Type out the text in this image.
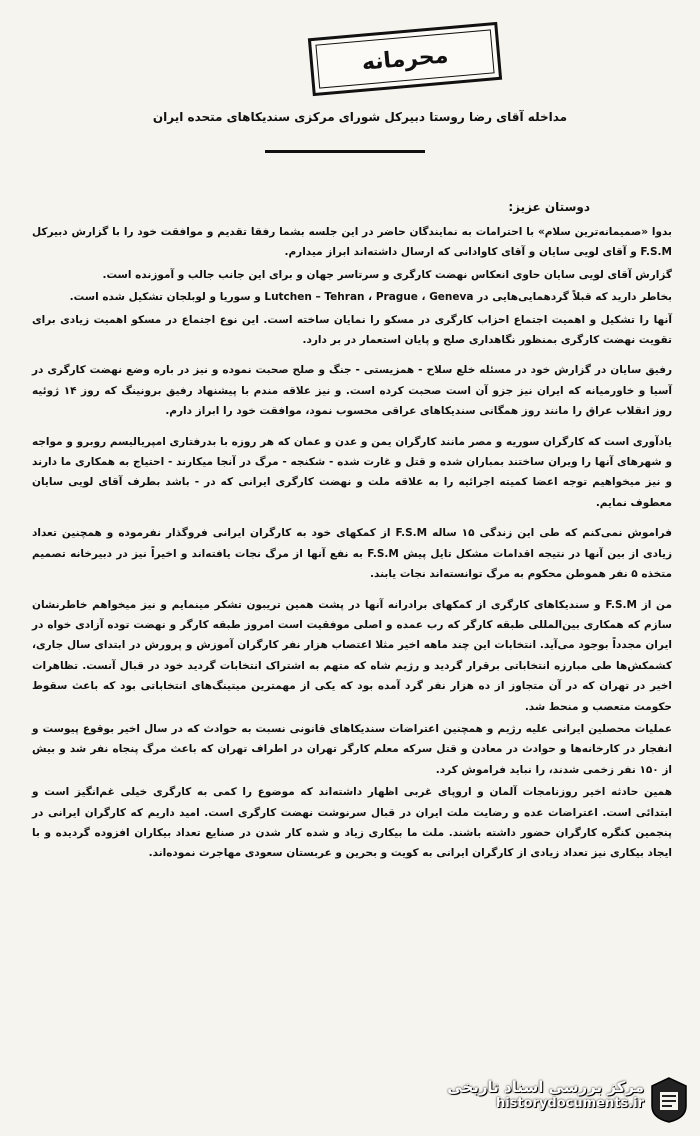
محرمانه
مداخله آقای رضا روستا دبیرکل شورای مرکزی سندیکاهای متحده ایران
دوستان عزیز:

بدوا «صمیمانه‌ترین سلام» با احترامات به نمایندگان حاضر در این جلسه بشما رفقا تقدیم و موافقت خود را با گزارش دبیرکل F.S.M و آقای لویی سایان و آقای کاوادانی که ارسال داشته‌اند ابراز میدارم.

گزارش آقای لویی سایان حاوی انعکاس نهضت کارگری و سرتاسر جهان و برای این جانب جالب و آموزنده است.

بخاطر دارید که قبلاً گردهمایی‌هایی در Lutchen – Tehran ، Prague ، Geneva و سوریا و لوبلجان تشکیل شده است.

آنها را تشکیل و اهمیت اجتماع احزاب کارگری در مسکو را نمایان ساخته است. این نوع اجتماع در مسکو اهمیت زیادی برای تقویت نهضت کارگری بمنظور نگاهداری صلح و پایان استعمار در بر دارد.

رفیق سایان در گزارش خود در مسئله خلع سلاح - همزیستی - جنگ و صلح صحبت نموده و نیز در باره وضع نهضت کارگری در آسیا و خاورمیانه که ایران نیز جزو آن است صحبت کرده است. و نیز علاقه مندم با پیشنهاد رفیق برونینگ که روز ۱۴ ژوئیه روز انقلاب عراق را مانند روز همگانی سندیکاهای عراقی محسوب نمود، موافقت خود را ابراز دارم.

یادآوری است که کارگران سوریه و مصر مانند کارگران یمن و عدن و عمان که هر روزه با بدرفتاری امپریالیسم روبرو و مواجه و شهرهای آنها را ویران ساختند بمباران شده و قتل و غارت شده - شکنجه - مرگ در آنجا میکارند - احتیاج به همکاری ما دارند و نیز میخواهیم توجه اعضا کمیته اجرائیه را به علاقه ملت و نهضت کارگری ایرانی که در - باشد بطرف آقای لویی سایان معطوف نمایم.

فراموش نمی‌کنم که طی این زندگی ۱۵ ساله F.S.M از کمکهای خود به کارگران ایرانی فروگذار نفرموده و همچنین تعداد زیادی از بین آنها در نتیجه اقدامات مشکل تایل پیش F.S.M به نفع آنها از مرگ نجات یافته‌اند و اخیراً نیز در دبیرخانه تصمیم متخذه ۵ نفر هموطن محکوم به مرگ توانسته‌اند نجات یابند.

من از F.S.M و سندیکاهای کارگری از کمکهای برادرانه آنها در پشت همین تریبون تشکر مینمایم و نیز میخواهم خاطرنشان سازم که همکاری بین‌المللی طبقه کارگر که رب عمده و اصلی موفقیت است امروز طبقه کارگر و نهضت توده آزادی خواه در ایران مجدداً بوجود می‌آید. انتخابات این چند ماهه اخیر مثلا اعتصاب هزار نفر کارگران آموزش و پرورش در ابتدای سال جاری، کشمکش‌ها طی مبارزه انتخاباتی برقرار گردید و رژیم شاه که متهم به اشتراک انتخابات گردید خود در قبال آنست. تظاهرات اخیر در تهران که در آن متجاوز از ده هزار نفر گرد آمده بود که یکی از مهمترین میتینگ‌های انتخاباتی بود که باعث سقوط حکومت متعصب و منحط شد.

عملیات محصلین ایرانی علیه رژیم و همچنین اعتراضات سندیکاهای قانونی نسبت به حوادث که در سال اخیر بوقوع پیوست و انفجار در کارخانه‌ها و حوادث در معادن و قتل سرکه معلم کارگر تهران در اطراف تهران که باعث مرگ پنجاه نفر شد و بیش از ۱۵۰ نفر زخمی شدند، را نباید فراموش کرد.

همین حادثه اخیر روزنامجات آلمان و اروپای غربی اظهار داشته‌اند که موضوع را کمی به کارگری خیلی غم‌انگیز است و ابتدائی است. اعتراضات عده و رضایت ملت ایران در قبال سرنوشت نهضت کارگری است. امید داریم که کارگران ایرانی در پنجمین کنگره کارگران حضور داشته باشند. ملت ما بیکاری زیاد و شده کار شدن در صنایع تعداد بیکاران افزوده گردیده و با ایجاد بیکاری نیز تعداد زیادی از کارگران ایرانی به کویت و بحرین و عربستان سعودی مهاجرت نموده‌اند.

مرکز بررسی اسناد تاریخی
historydocuments.ir
